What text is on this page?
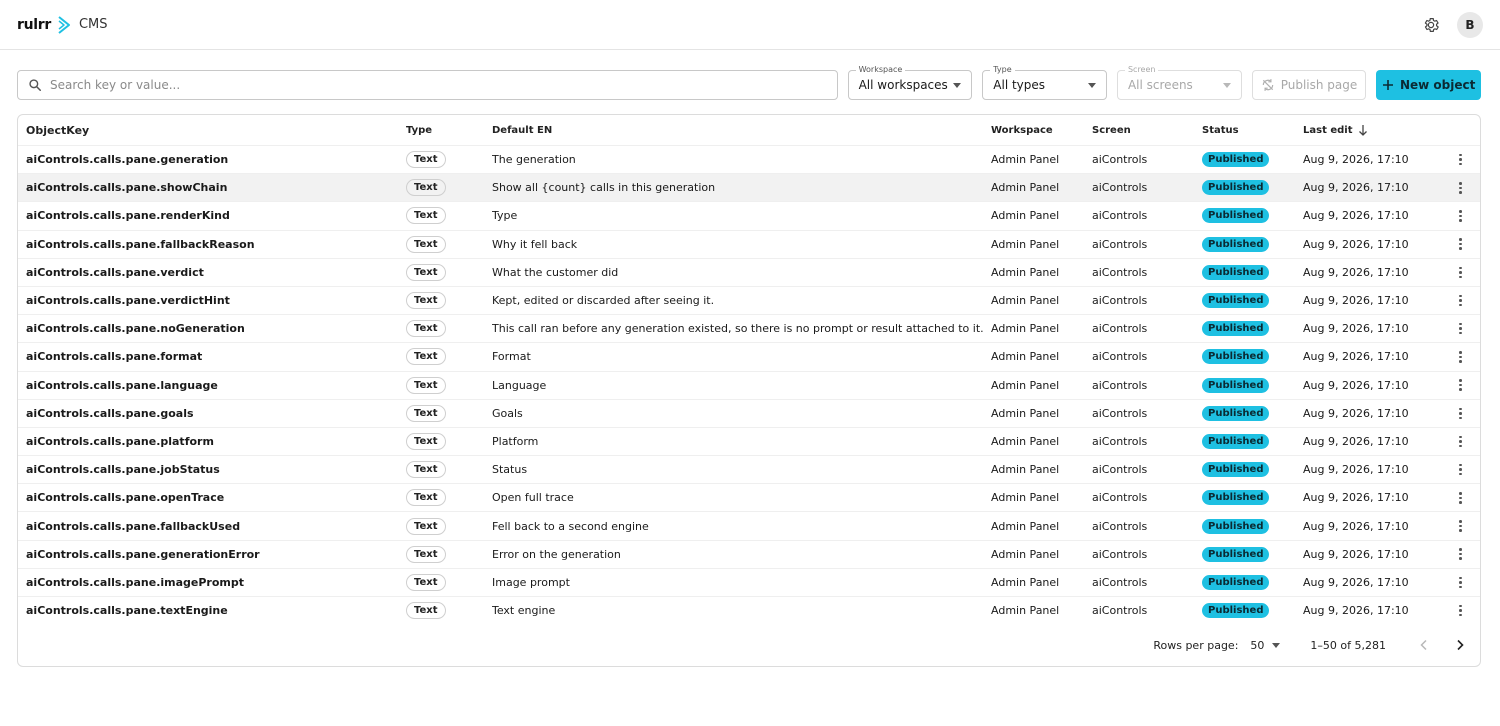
rulrr CMS	B
Search key or value...
Workspace
All workspaces
Type
All types
Screen
All screens	Publish page	New object
ObjectKey	Type	Default EN	Workspace	Screen	Status	Last edit
aiControls.calls.pane.generation	Text	The generation	Admin Panel	aiControls	Published	Aug 9, 2026, 17:10
aiControls.calls.pane.showChain	Text	Show all {count} calls in this generation	Admin Panel	aiControls	Published	Aug 9, 2026, 17:10
aiControls.calls.pane.renderKind	Text	Type	Admin Panel	aiControls	Published	Aug 9, 2026, 17:10
aiControls.calls.pane.fallbackReason	Text	Why it fell back	Admin Panel	aiControls	Published	Aug 9, 2026, 17:10
aiControls.calls.pane.verdict	Text	What the customer did	Admin Panel	aiControls	Published	Aug 9, 2026, 17:10
aiControls.calls.pane.verdictHint	Text	Kept, edited or discarded after seeing it.	Admin Panel	aiControls	Published	Aug 9, 2026, 17:10
aiControls.calls.pane.noGeneration	Text	This call ran before any generation existed, so there is no prompt or result attached to it. Admin Panel	aiControls	Published	Aug 9, 2026, 17:10
aiControls.calls.pane.format	Text	Format	Admin Panel	aiControls	Published	Aug 9, 2026, 17:10
aiControls.calls.pane.language	Text	Language	Admin Panel	aiControls	Published	Aug 9, 2026, 17:10
aiControls.calls.pane.goals	Text	Goals	Admin Panel	aiControls	Published	Aug 9, 2026, 17:10
aiControls.calls.pane.platform	Text	Platform	Admin Panel	aiControls	Published	Aug 9, 2026, 17:10
aiControls.calls.pane.jobStatus	Text	Status	Admin Panel	aiControls	Published	Aug 9, 2026, 17:10
aiControls.calls.pane.openTrace	Text	Open full trace	Admin Panel	aiControls	Published	Aug 9, 2026, 17:10
aiControls.calls.pane.fallbackUsed	Text	Fell back to a second engine	Admin Panel	aiControls	Published	Aug 9, 2026, 17:10
aiControls.calls.pane.generationError	Text	Error on the generation	Admin Panel	aiControls	Published	Aug 9, 2026, 17:10
aiControls.calls.pane.imagePrompt	Text	Image prompt	Admin Panel	aiControls	Published	Aug 9, 2026, 17:10
aiControls.calls.pane.textEngine	Text	Text engine	Admin Panel	aiControls	Published	Aug 9, 2026, 17:10
Rows per page: 50	1–50 of 5,281
